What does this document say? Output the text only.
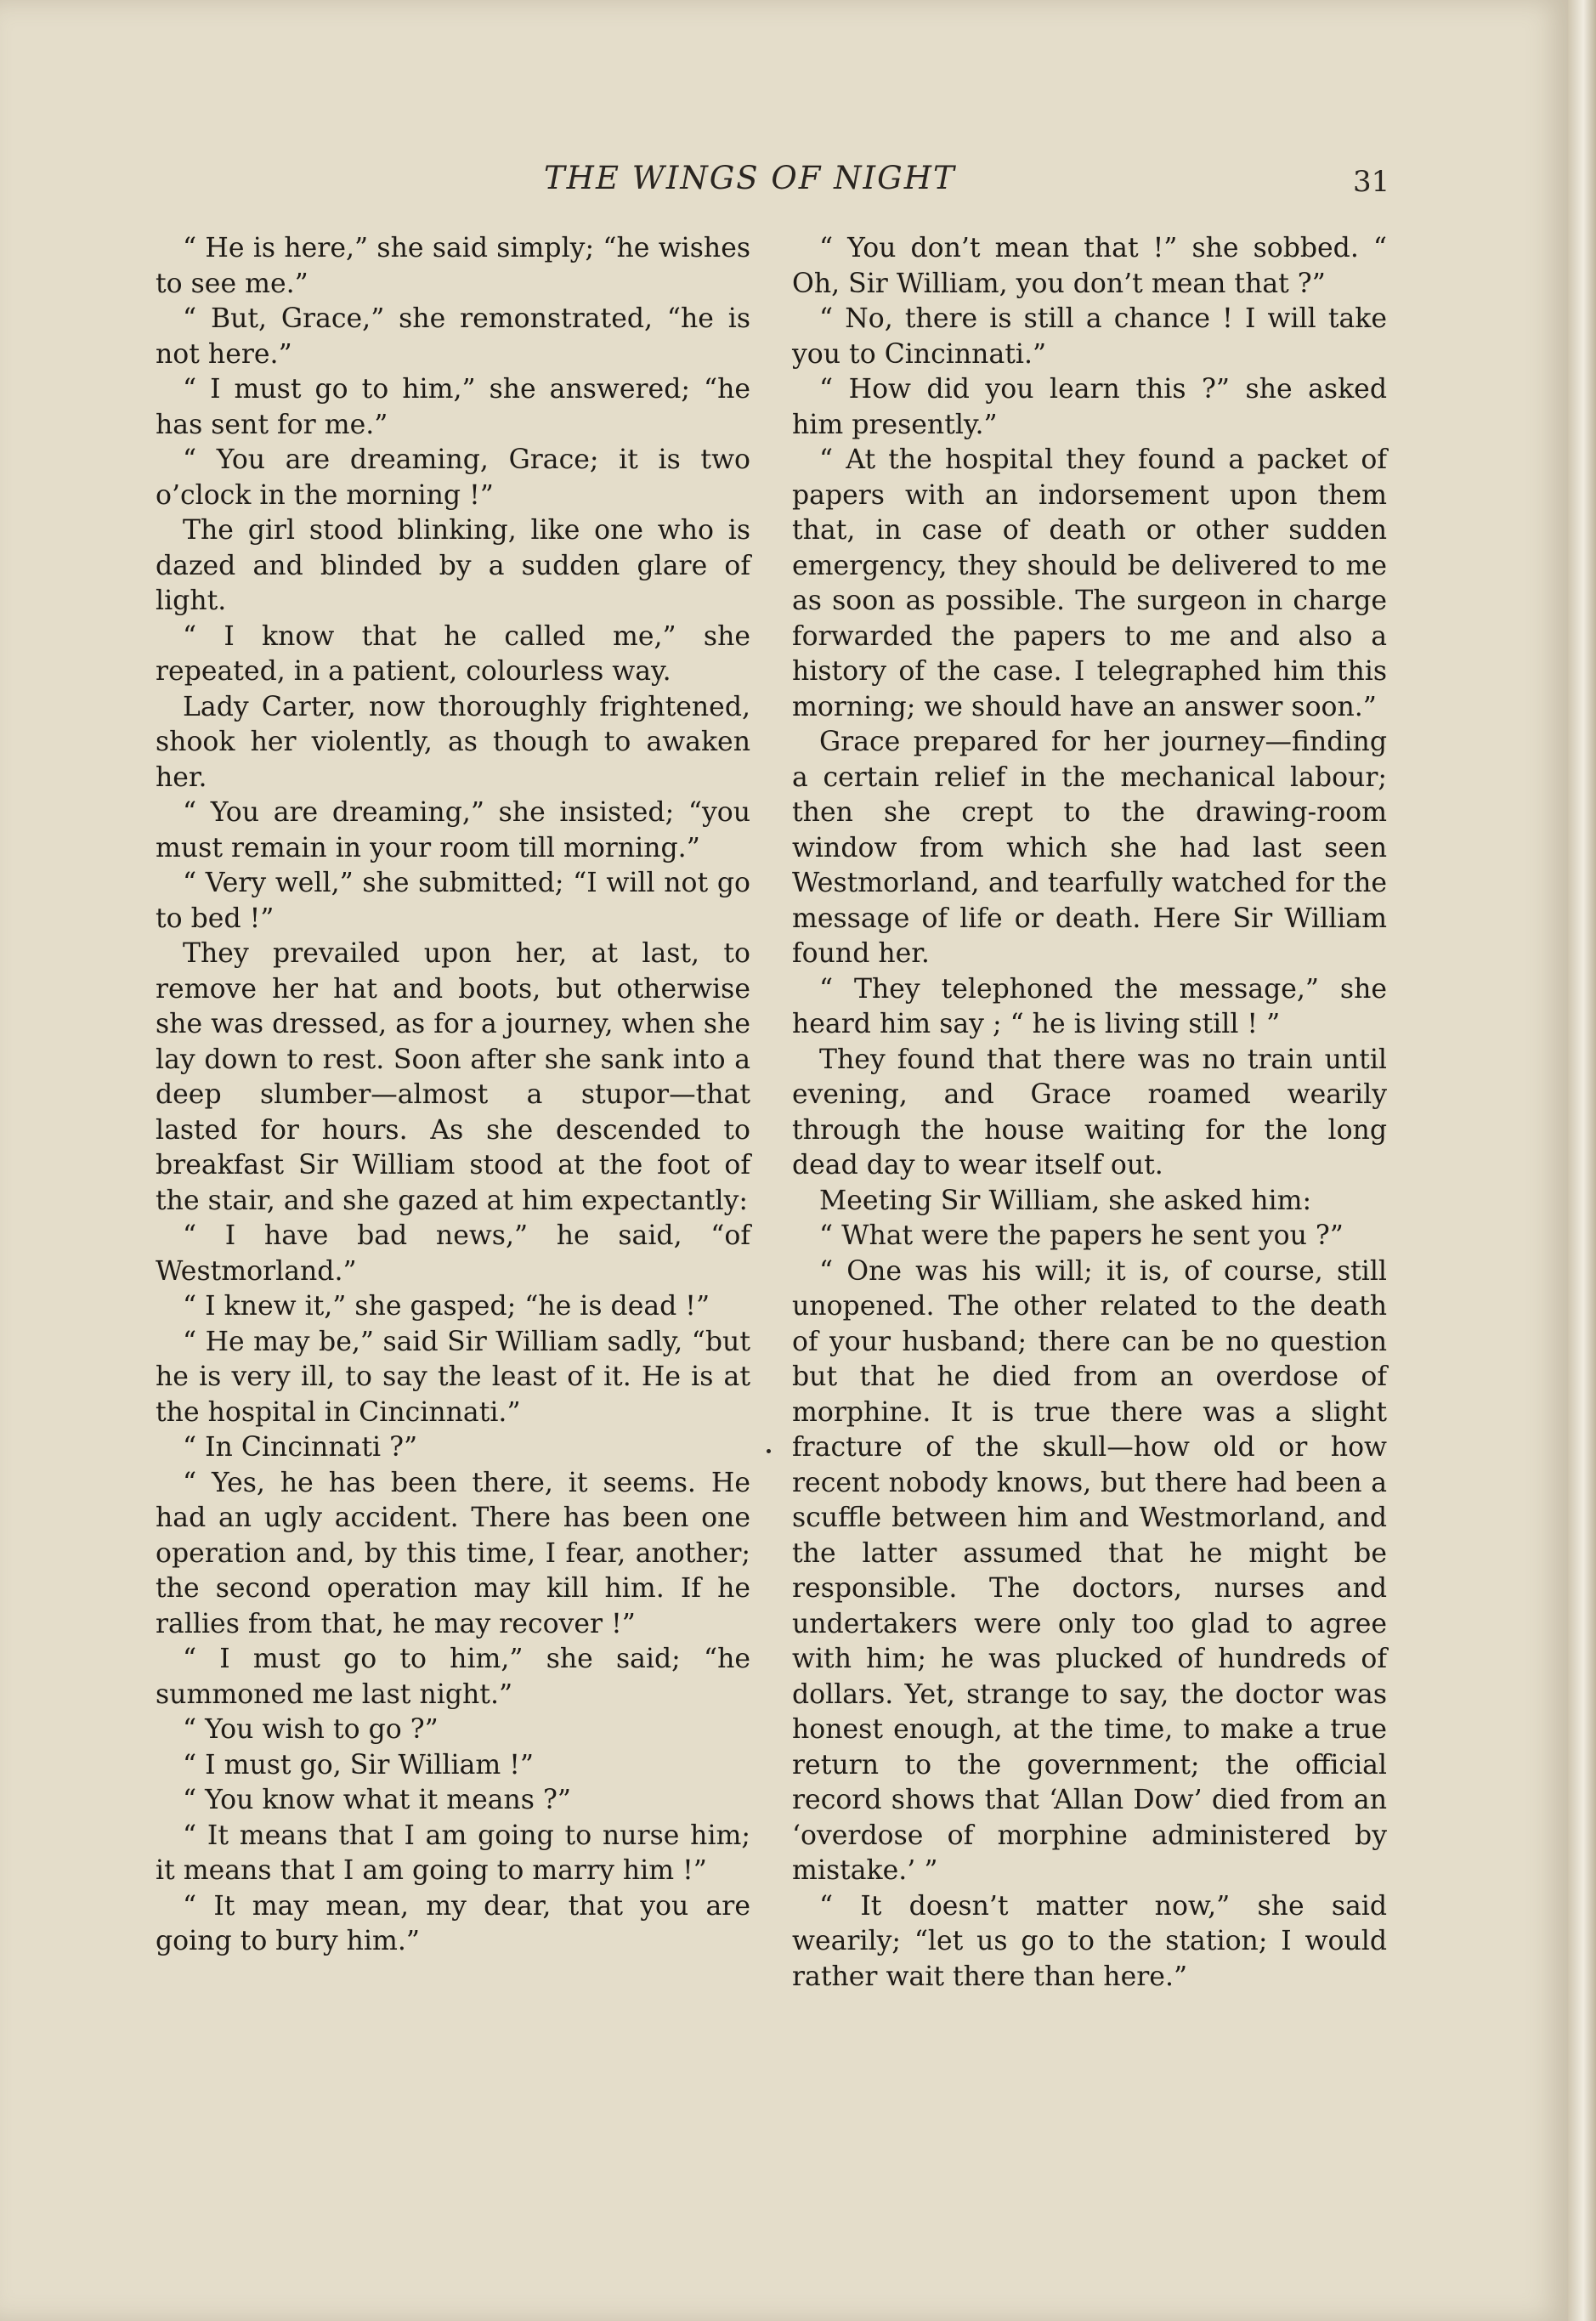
THE WINGS OF NIGHT	31

“ He is here,” she said simply; “he wishes to see me.”

“ But, Grace,” she remonstrated, “he is not here.”

“ I must go to him,” she answered; “he has sent for me.”

“ You are dreaming, Grace; it is two o’clock in the morning !”

The girl stood blinking, like one who is dazed and blinded by a sudden glare of light.

“ I know that he called me,” she repeated, in a patient, colourless way.

Lady Carter, now thoroughly frightened, shook her violently, as though to awaken her.

“ You are dreaming,” she insisted; “you must remain in your room till morning.”

“ Very well,” she submitted; “I will not go to bed !”

They prevailed upon her, at last, to remove her hat and boots, but otherwise she was dressed, as for a journey, when she lay down to rest. Soon after she sank into a deep slumber—almost a stupor—that lasted for hours. As she descended to breakfast Sir William stood at the foot of the stair, and she gazed at him expectantly:

“ I have bad news,” he said, “of Westmorland.”

“ I knew it,” she gasped; “he is dead !”

“ He may be,” said Sir William sadly, “but he is very ill, to say the least of it. He is at the hospital in Cincinnati.”

“ In Cincinnati ?”

“ Yes, he has been there, it seems. He had an ugly accident. There has been one operation and, by this time, I fear, another; the second operation may kill him. If he rallies from that, he may recover !”

“ I must go to him,” she said; “he summoned me last night.”

“ You wish to go ?”

“ I must go, Sir William !”

“ You know what it means ?”

“ It means that I am going to nurse him; it means that I am going to marry him !”

“ It may mean, my dear, that you are going to bury him.”

“ You don’t mean that !” she sobbed. “ Oh, Sir William, you don’t mean that ?”

“ No, there is still a chance ! I will take you to Cincinnati.”

“ How did you learn this ?” she asked him presently.”

“ At the hospital they found a packet of papers with an indorsement upon them that, in case of death or other sudden emergency, they should be delivered to me as soon as possible. The surgeon in charge forwarded the papers to me and also a history of the case. I telegraphed him this morning; we should have an answer soon.”

Grace prepared for her journey—finding a certain relief in the mechanical labour; then she crept to the drawing-room window from which she had last seen Westmorland, and tearfully watched for the message of life or death. Here Sir William found her.

“ They telephoned the message,” she heard him say ; “ he is living still ! ”

They found that there was no train until evening, and Grace roamed wearily through the house waiting for the long dead day to wear itself out.

Meeting Sir William, she asked him:

“ What were the papers he sent you ?”

“ One was his will; it is, of course, still unopened. The other related to the death of your husband; there can be no question but that he died from an overdose of morphine. It is true there was a slight fracture of the skull—how old or how recent nobody knows, but there had been a scuffle between him and Westmorland, and the latter assumed that he might be responsible. The doctors, nurses and undertakers were only too glad to agree with him; he was plucked of hundreds of dollars. Yet, strange to say, the doctor was honest enough, at the time, to make a true return to the government; the official record shows that ‘Allan Dow’ died from an ‘overdose of morphine administered by mistake.’ ”

“ It doesn’t matter now,” she said wearily; “let us go to the station; I would rather wait there than here.”
